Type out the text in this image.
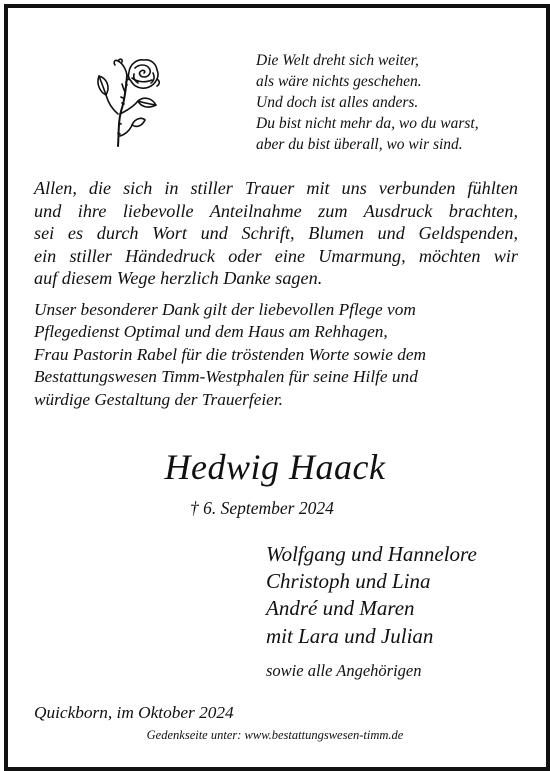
Die Welt dreht sich weiter,
als wäre nichts geschehen.
Und doch ist alles anders.
Du bist nicht mehr da, wo du warst,
aber du bist überall, wo wir sind.
Allen, die sich in stiller Trauer mit uns verbunden fühlten
und ihre liebevolle Anteilnahme zum Ausdruck brachten,
sei es durch Wort und Schrift, Blumen und Geldspenden,
ein stiller Händedruck oder eine Umarmung, möchten wir
auf diesem Wege herzlich Danke sagen.
Unser besonderer Dank gilt der liebevollen Pflege vom
Pflegedienst Optimal und dem Haus am Rehhagen,
Frau Pastorin Rabel für die tröstenden Worte sowie dem
Bestattungswesen Timm-Westphalen für seine Hilfe und
würdige Gestaltung der Trauerfeier.
Hedwig Haack
† 6. September 2024
Wolfgang und Hannelore
Christoph und Lina
André und Maren
mit Lara und Julian
sowie alle Angehörigen
Quickborn, im Oktober 2024
Gedenkseite unter: www.bestattungswesen-timm.de
